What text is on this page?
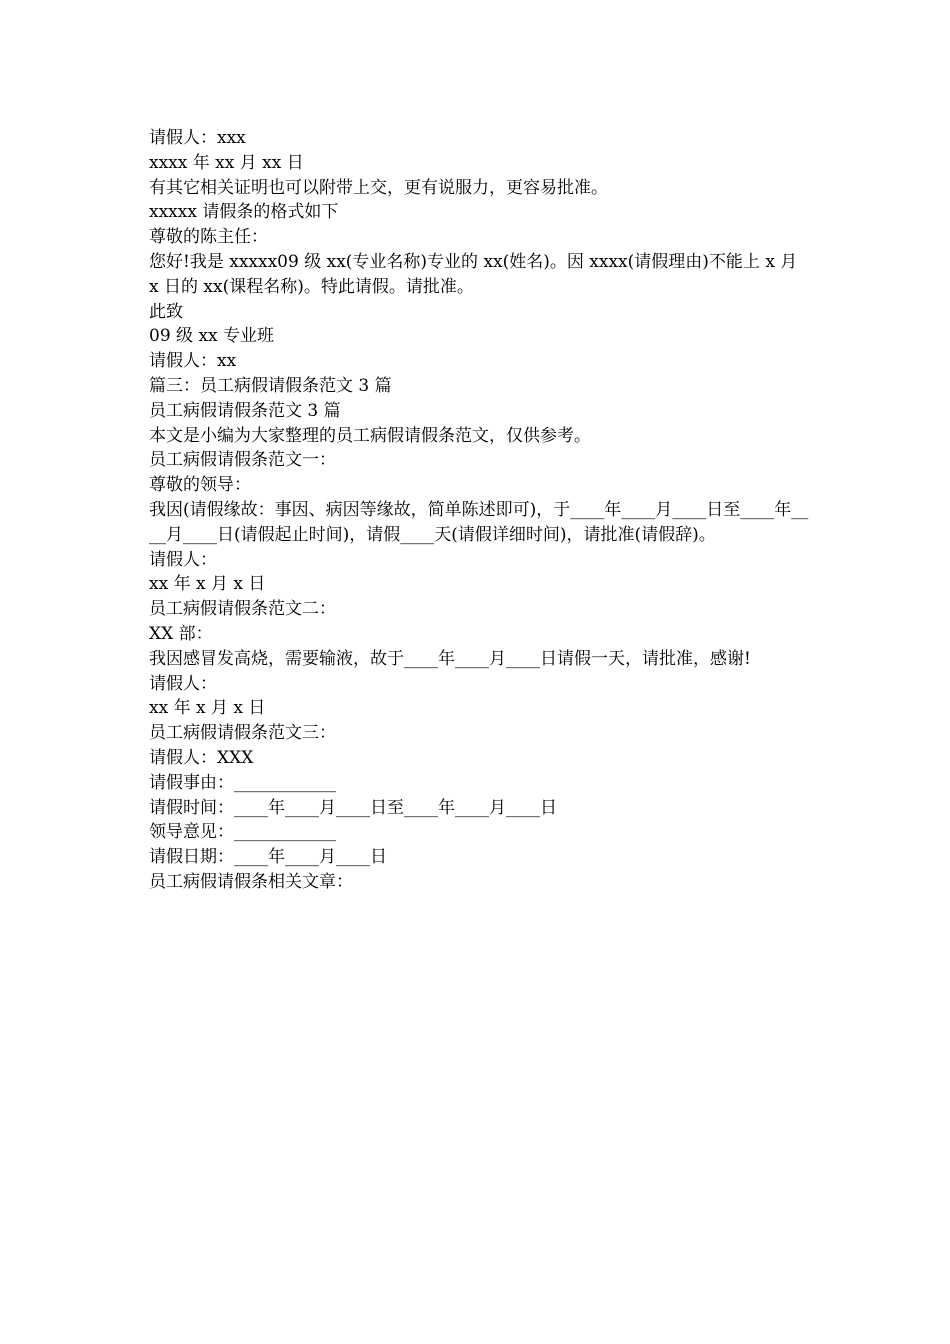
请假人：xxx

xxxx 年 xx 月 xx 日

有其它相关证明也可以附带上交，更有说服力，更容易批准。

xxxxx 请假条的格式如下

尊敬的陈主任：

您好!我是 xxxxx09 级 xx(专业名称)专业的 xx(姓名)。因 xxxx(请假理由)不能上 x 月 x 日的 xx(课程名称)。特此请假。请批准。

此致

09 级 xx 专业班

请假人：xx

篇三：员工病假请假条范文 3 篇

员工病假请假条范文 3 篇

本文是小编为大家整理的员工病假请假条范文，仅供参考。

员工病假请假条范文一：

尊敬的领导：

我因(请假缘故：事因、病因等缘故，简单陈述即可)，于____年____月____日至____年____月____日(请假起止时间)，请假____天(请假详细时间)，请批准(请假辞)。

请假人：

xx 年 x 月 x 日

员工病假请假条范文二：

XX 部：

我因感冒发高烧，需要输液，故于____年____月____日请假一天，请批准，感谢!

请假人：

xx 年 x 月 x 日

员工病假请假条范文三：

请假人：XXX

请假事由：____________

请假时间：____年____月____日至____年____月____日

领导意见：____________

请假日期：____年____月____日

员工病假请假条相关文章：
